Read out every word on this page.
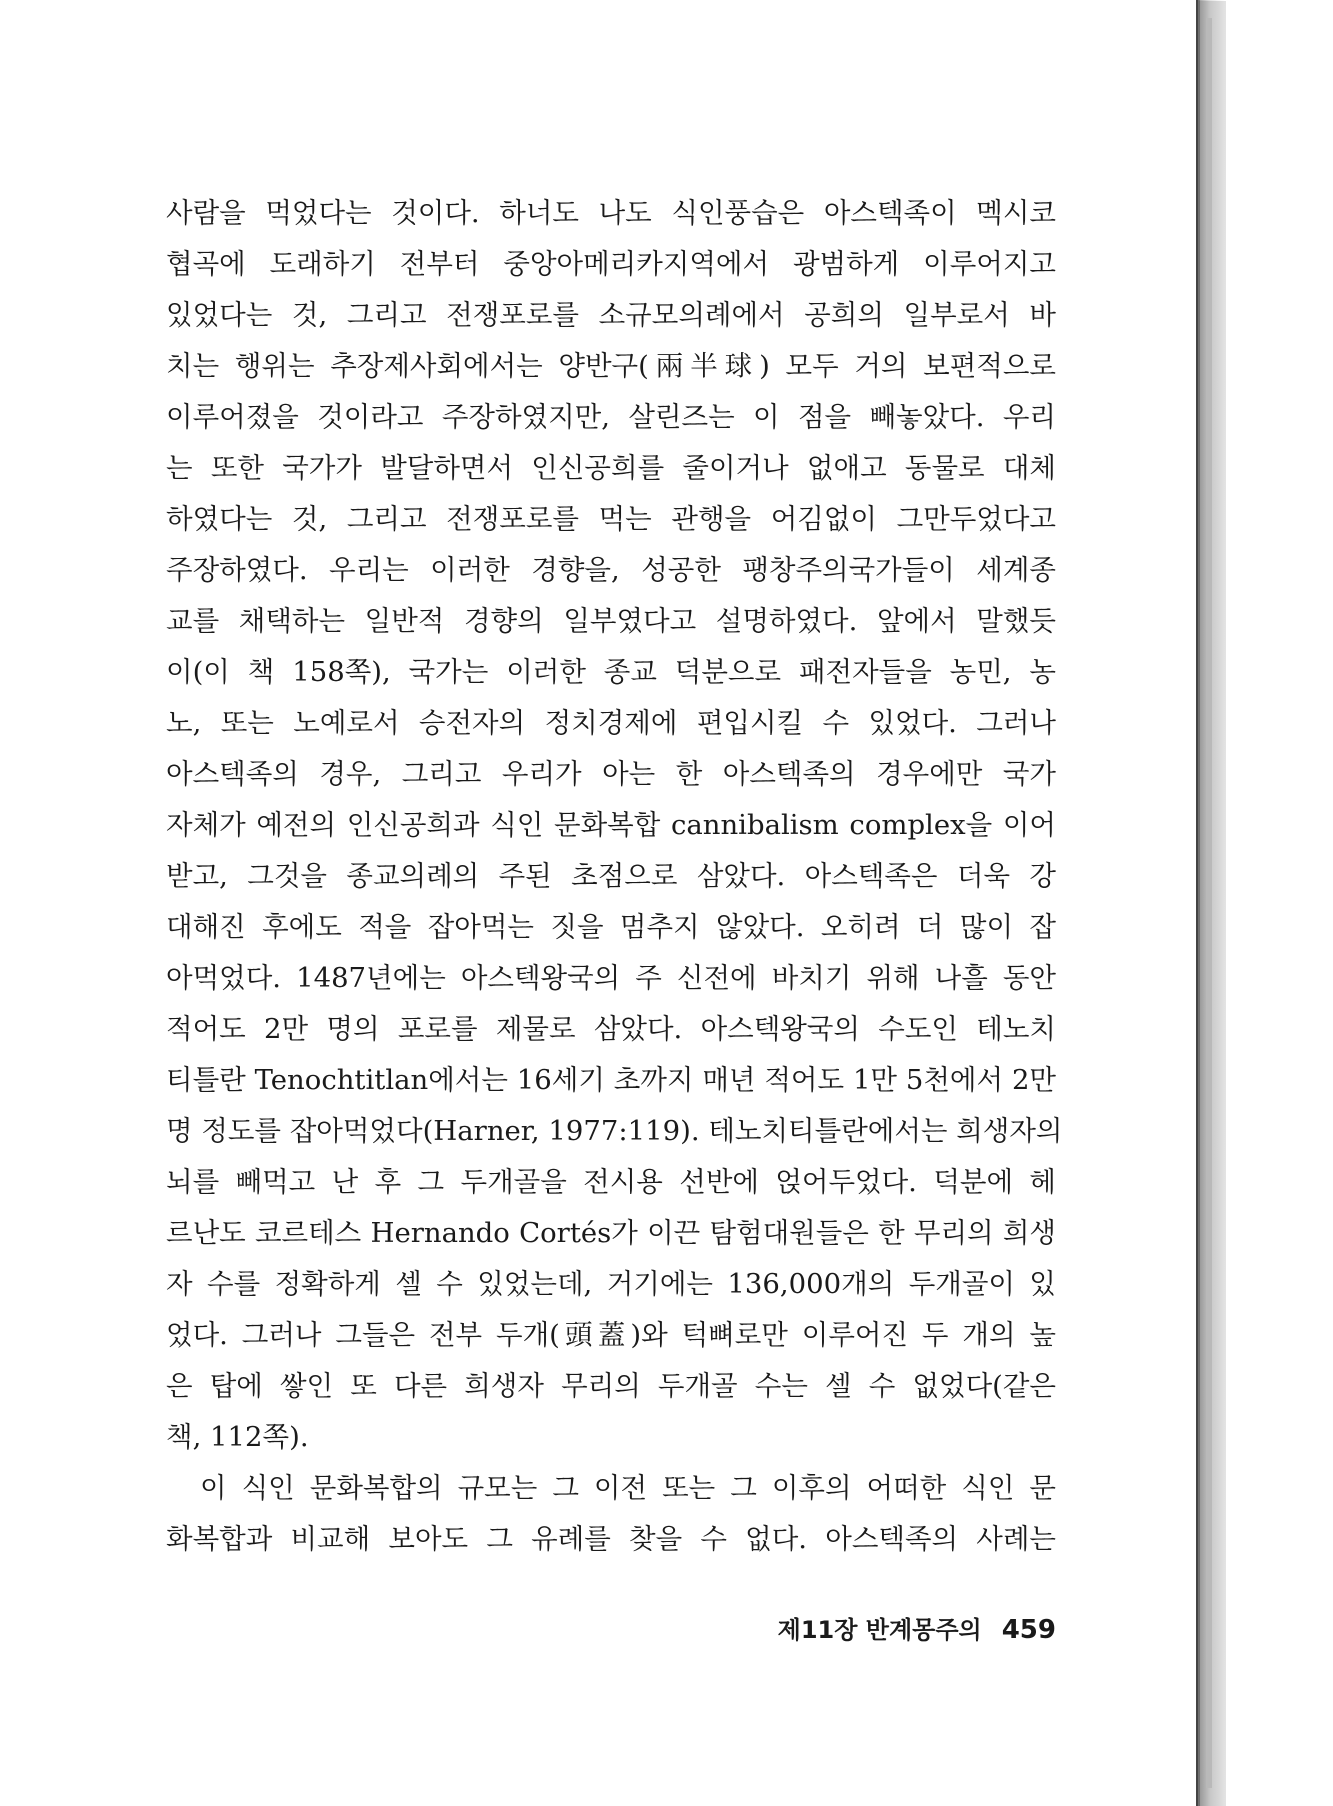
사람을 먹었다는 것이다. 하너도 나도 식인풍습은 아스텍족이 멕시코
협곡에 도래하기 전부터 중앙아메리카지역에서 광범하게 이루어지고
있었다는 것, 그리고 전쟁포로를 소규모의례에서 공희의 일부로서 바
치는 행위는 추장제사회에서는 양반구(兩半球) 모두 거의 보편적으로
이루어졌을 것이라고 주장하였지만, 살린즈는 이 점을 빼놓았다. 우리
는 또한 국가가 발달하면서 인신공희를 줄이거나 없애고 동물로 대체
하였다는 것, 그리고 전쟁포로를 먹는 관행을 어김없이 그만두었다고
주장하였다. 우리는 이러한 경향을, 성공한 팽창주의국가들이 세계종
교를 채택하는 일반적 경향의 일부였다고 설명하였다. 앞에서 말했듯
이(이 책 158쪽), 국가는 이러한 종교 덕분으로 패전자들을 농민, 농
노, 또는 노예로서 승전자의 정치경제에 편입시킬 수 있었다. 그러나
아스텍족의 경우, 그리고 우리가 아는 한 아스텍족의 경우에만 국가
자체가 예전의 인신공희과 식인 문화복합 cannibalism complex을 이어
받고, 그것을 종교의례의 주된 초점으로 삼았다. 아스텍족은 더욱 강
대해진 후에도 적을 잡아먹는 짓을 멈추지 않았다. 오히려 더 많이 잡
아먹었다. 1487년에는 아스텍왕국의 주 신전에 바치기 위해 나흘 동안
적어도 2만 명의 포로를 제물로 삼았다. 아스텍왕국의 수도인 테노치
티틀란 Tenochtitlan에서는 16세기 초까지 매년 적어도 1만 5천에서 2만
명 정도를 잡아먹었다(Harner, 1977:119). 테노치티틀란에서는 희생자의
뇌를 빼먹고 난 후 그 두개골을 전시용 선반에 얹어두었다. 덕분에 헤
르난도 코르테스 Hernando Cortés가 이끈 탐험대원들은 한 무리의 희생
자 수를 정확하게 셀 수 있었는데, 거기에는 136,000개의 두개골이 있
었다. 그러나 그들은 전부 두개(頭蓋)와 턱뼈로만 이루어진 두 개의 높
은 탑에 쌓인 또 다른 희생자 무리의 두개골 수는 셀 수 없었다(같은
책, 112쪽).
이 식인 문화복합의 규모는 그 이전 또는 그 이후의 어떠한 식인 문
화복합과 비교해 보아도 그 유례를 찾을 수 없다. 아스텍족의 사례는
제11장 반계몽주의 459
